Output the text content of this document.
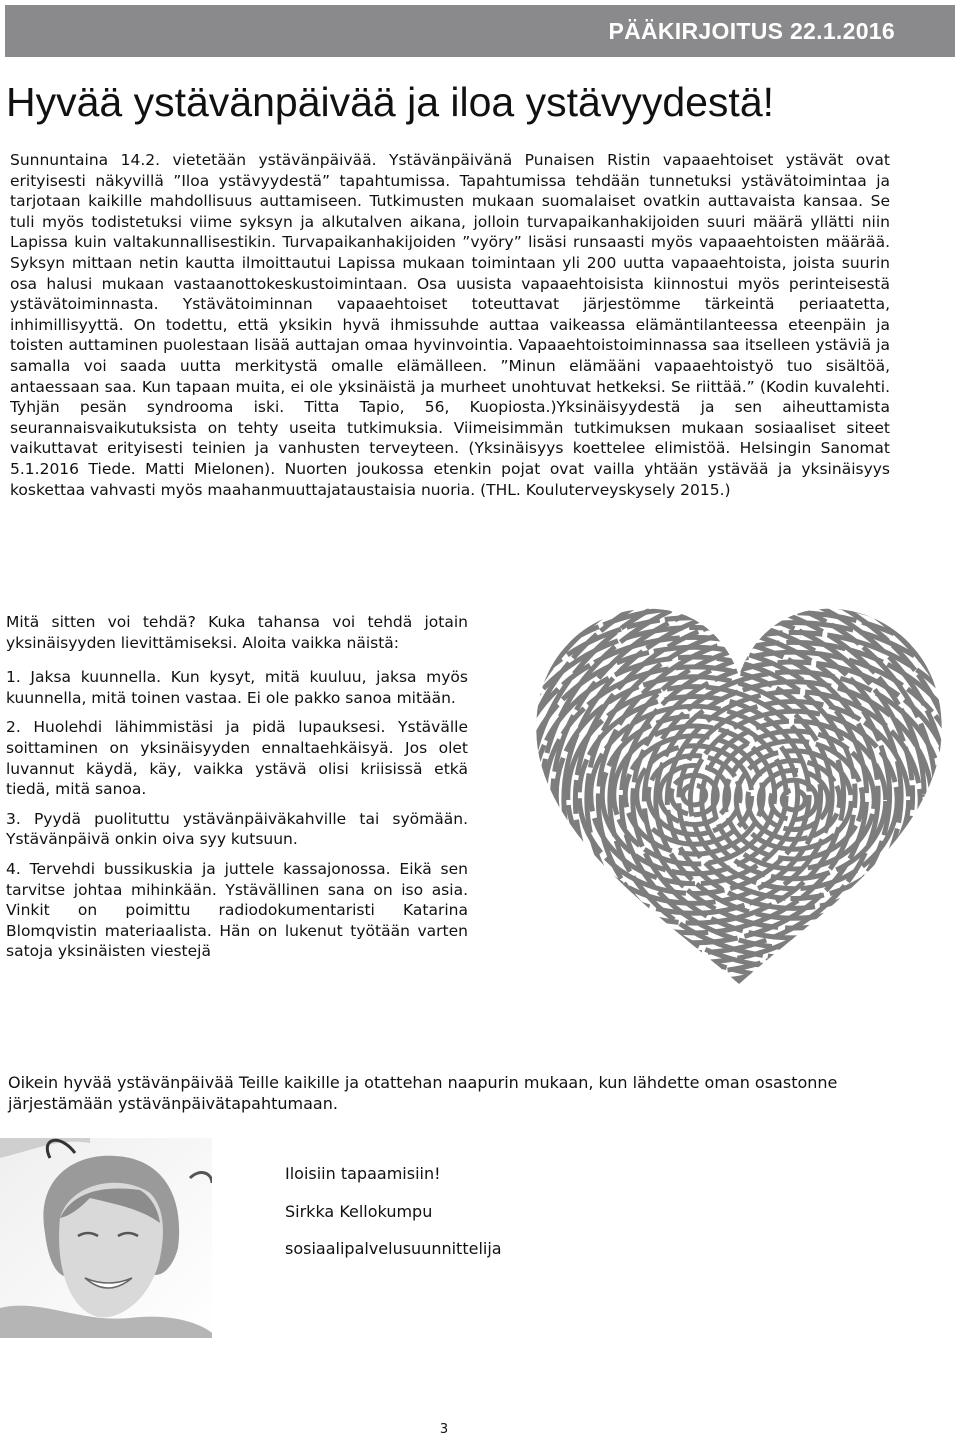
PÄÄKIRJOITUS 22.1.2016
Hyvää ystävänpäivää ja iloa ystävyydestä!

Sunnuntaina 14.2. vietetään ystävänpäivää. Ystävänpäivänä Punaisen Ristin vapaaehtoiset ystävät ovat erityisesti näkyvillä ”Iloa ystävyydestä” tapahtumissa. Tapahtumissa tehdään tunnetuksi ystävätoimintaa ja tarjotaan kaikille mahdollisuus auttamiseen. Tutkimusten mukaan suomalaiset ovatkin auttavaista kansaa. Se tuli myös todistetuksi viime syksyn ja alkutalven aikana, jolloin turvapaikanhakijoiden suuri määrä yllätti niin Lapissa kuin valtakunnallisestikin. Turvapaikanhakijoiden ”vyöry” lisäsi runsaasti myös vapaaehtoisten määrää. Syksyn mittaan netin kautta ilmoittautui Lapissa mukaan toimintaan yli 200 uutta vapaaehtoista, joista suurin osa halusi mukaan vastaanottokeskustoimintaan. Osa uusista vapaaehtoisista kiinnostui myös perinteisestä ystävätoiminnasta. Ystävätoiminnan vapaaehtoiset toteuttavat järjestömme tärkeintä periaatetta, inhimillisyyttä. On todettu, että yksikin hyvä ihmissuhde auttaa vaikeassa elämäntilanteessa eteenpäin ja toisten auttaminen puolestaan lisää auttajan omaa hyvinvointia. Vapaaehtoistoiminnassa saa itselleen ystäviä ja samalla voi saada uutta merkitystä omalle elämälleen. ”Minun elämääni vapaaehtoistyö tuo sisältöä, antaessaan saa. Kun tapaan muita, ei ole yksinäistä ja murheet unohtuvat hetkeksi. Se riittää.” (Kodin kuvalehti. Tyhjän pesän syndrooma iski. Titta Tapio, 56, Kuopiosta.)Yksinäisyydestä ja sen aiheuttamista seurannaisvaikutuksista on tehty useita tutkimuksia. Viimeisimmän tutkimuksen mukaan sosiaaliset siteet vaikuttavat erityisesti teinien ja vanhusten terveyteen. (Yksinäisyys koettelee elimistöä. Helsingin Sanomat 5.1.2016 Tiede. Matti Mielonen). Nuorten joukossa etenkin pojat ovat vailla yhtään ystävää ja yksinäisyys koskettaa vahvasti myös maahanmuuttajataustaisia nuoria. (THL. Kouluterveyskysely 2015.)

Mitä sitten voi tehdä? Kuka tahansa voi tehdä jotain yksinäisyyden lievittämiseksi. Aloita vaikka näistä:

1. Jaksa kuunnella. Kun kysyt, mitä kuuluu, jaksa myös kuunnella, mitä toinen vastaa. Ei ole pakko sanoa mitään.

2. Huolehdi lähimmistäsi ja pidä lupauksesi. Ystävälle soittaminen on yksinäisyyden ennaltaehkäisyä. Jos olet luvannut käydä, käy, vaikka ystävä olisi kriisissä etkä tiedä, mitä sanoa.

3. Pyydä puolituttu ystävänpäiväkahville tai syömään. Ystävänpäivä onkin oiva syy kutsuun.

4. Tervehdi bussikuskia ja juttele kassajonossa. Eikä sen tarvitse johtaa mihinkään. Ystävällinen sana on iso asia. Vinkit on poimittu radiodokumentaristi Katarina Blomqvistin materiaalista. Hän on lukenut työtään varten satoja yksinäisten viestejä

Oikein hyvää ystävänpäivää Teille kaikille ja otattehan naapurin mukaan, kun lähdette oman osastonne järjestämään ystävänpäivätapahtumaan.

Iloisiin tapaamisiin!

Sirkka Kellokumpu

sosiaalipalvelusuunnittelija

3
